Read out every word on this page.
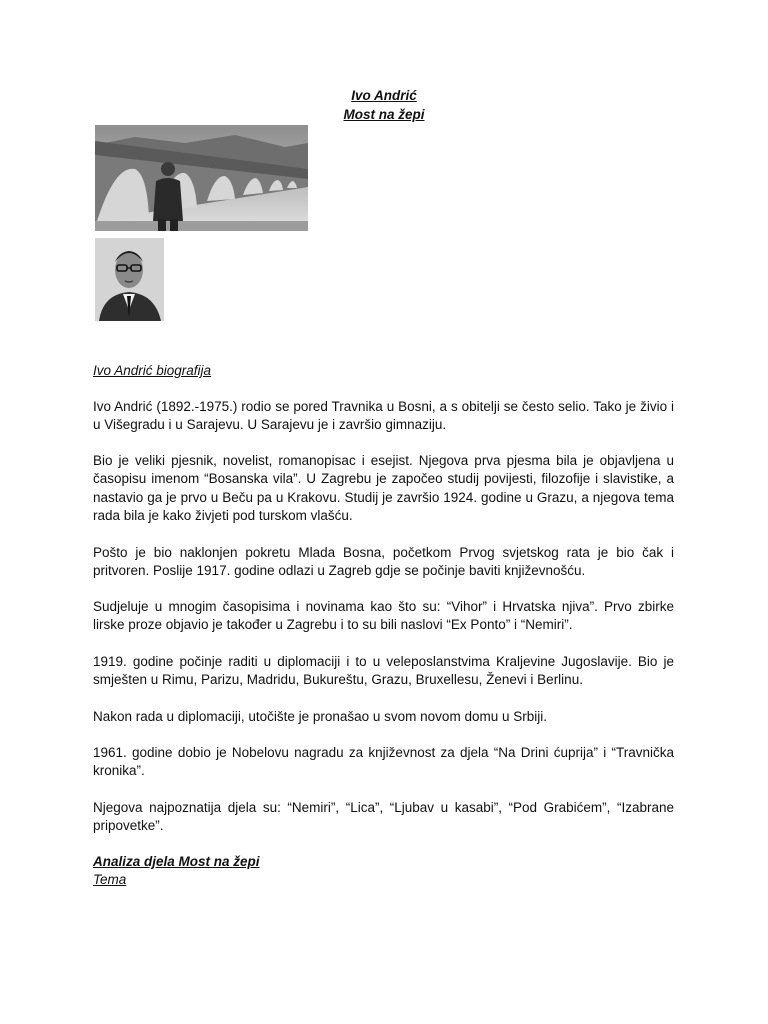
Ivo Andrić
Most na žepi

Ivo Andrić biografija

Ivo Andrić (1892.-1975.) rodio se pored Travnika u Bosni, a s obitelji se često selio. Tako je živio i u Višegradu i u Sarajevu. U Sarajevu je i završio gimnaziju.

Bio je veliki pjesnik, novelist, romanopisac i esejist. Njegova prva pjesma bila je objavljena u časopisu imenom “Bosanska vila”. U Zagrebu je započeo studij povijesti, filozofije i slavistike, a nastavio ga je prvo u Beču pa u Krakovu. Studij je završio 1924. godine u Grazu, a njegova tema rada bila je kako živjeti pod turskom vlašću.

Pošto je bio naklonjen pokretu Mlada Bosna, početkom Prvog svjetskog rata je bio čak i pritvoren. Poslije 1917. godine odlazi u Zagreb gdje se počinje baviti književnošću.

Sudjeluje u mnogim časopisima i novinama kao što su: “Vihor” i Hrvatska njiva”. Prvo zbirke lirske proze objavio je također u Zagrebu i to su bili naslovi “Ex Ponto” i “Nemiri”.

1919. godine počinje raditi u diplomaciji i to u veleposlanstvima Kraljevine Jugoslavije. Bio je smješten u Rimu, Parizu, Madridu, Bukureštu, Grazu, Bruxellesu, Ženevi i Berlinu.

Nakon rada u diplomaciji, utočište je pronašao u svom novom domu u Srbiji.

1961. godine dobio je Nobelovu nagradu za književnost za djela “Na Drini ćuprija” i “Travnička kronika”.

Njegova najpoznatija djela su: “Nemiri”, “Lica”, “Ljubav u kasabi”, “Pod Grabićem”, “Izabrane pripovetke”.

Analiza djela Most na žepi

Tema
